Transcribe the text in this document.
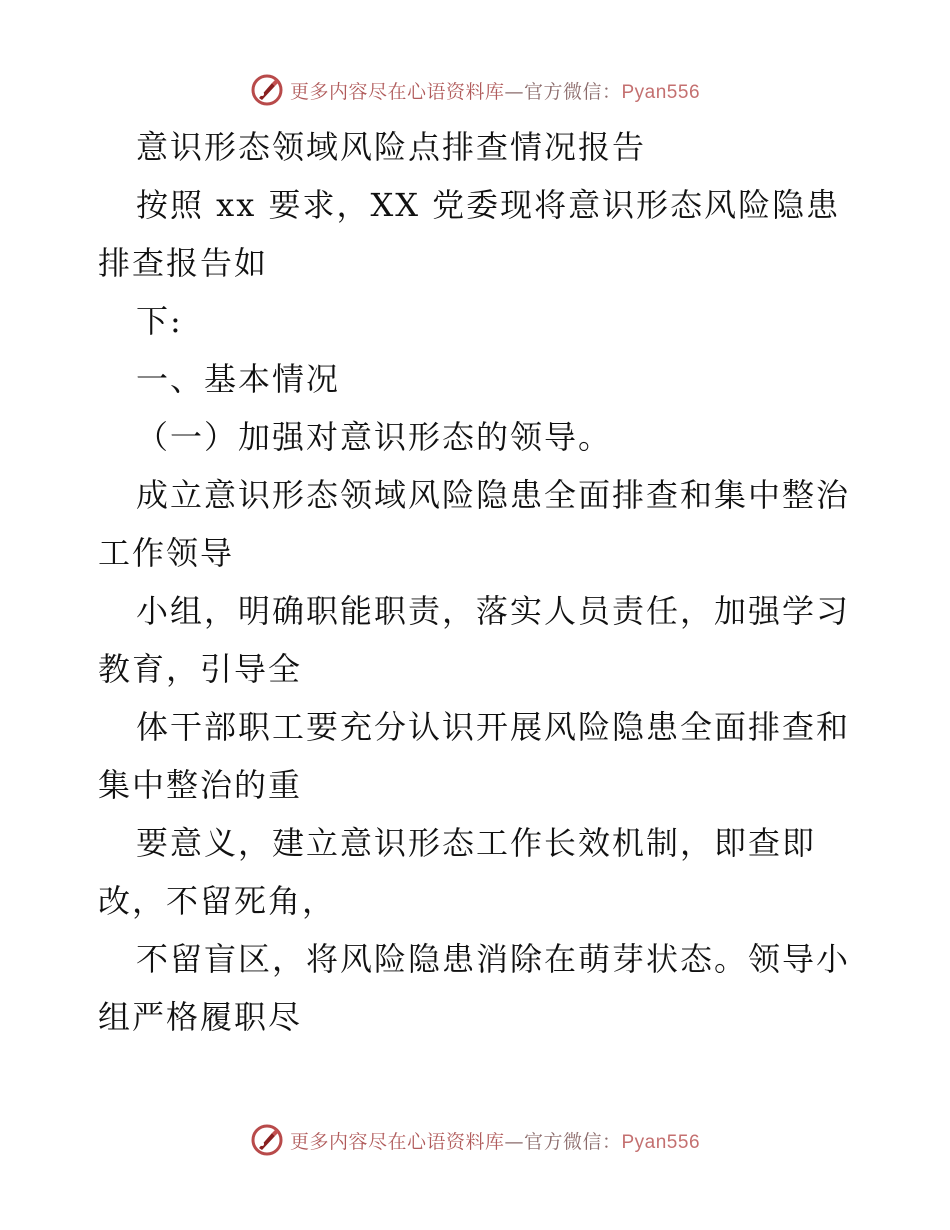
更多内容尽在心语资料库—官方微信：Pyan556
意识形态领域风险点排查情况报告
按照 xx 要求，XX 党委现将意识形态风险隐患
排查报告如
下:
一、基本情况
（一）加强对意识形态的领导。
成立意识形态领域风险隐患全面排查和集中整治
工作领导
小组，明确职能职责，落实人员责任，加强学习
教育，引导全
体干部职工要充分认识开展风险隐患全面排查和
集中整治的重
要意义，建立意识形态工作长效机制，即查即
改，不留死角，
不留盲区，将风险隐患消除在萌芽状态。领导小
组严格履职尽
更多内容尽在心语资料库—官方微信：Pyan556
